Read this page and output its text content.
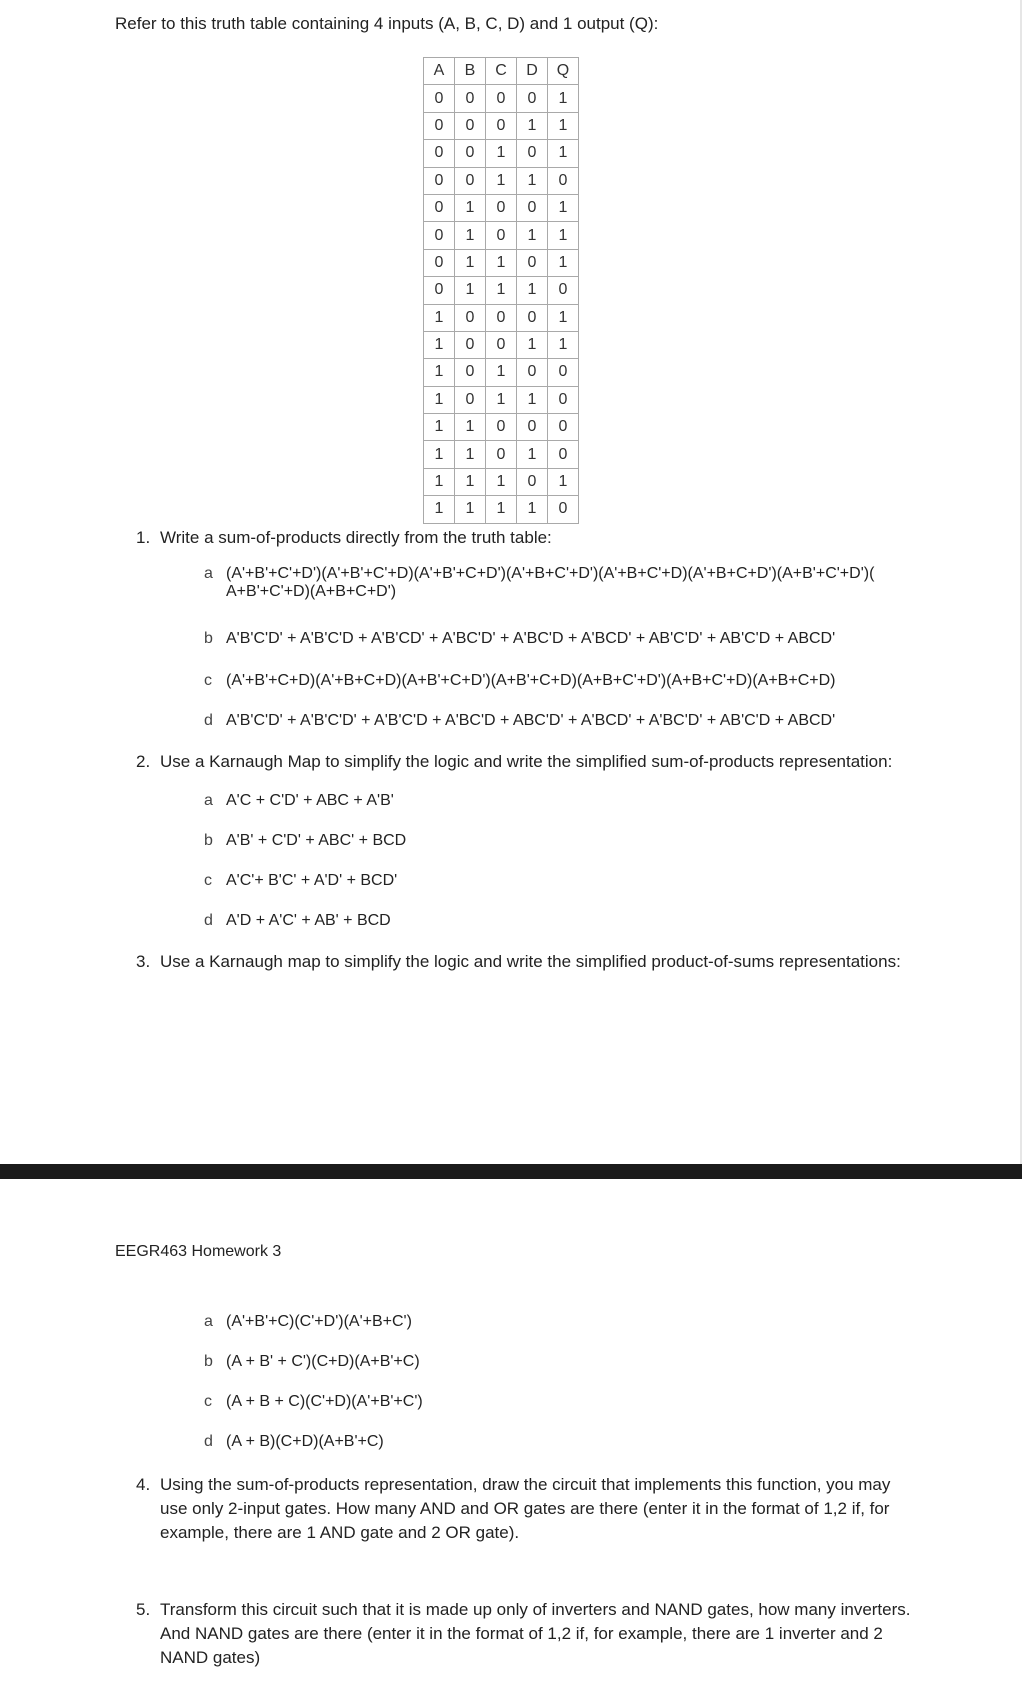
Refer to this truth table containing 4 inputs (A, B, C, D) and 1 output (Q):
A	B	C	D	Q
0	0	0	0	1
0	0	0	1	1
0	0	1	0	1
0	0	1	1	0
0	1	0	0	1
0	1	0	1	1
0	1	1	0	1
0	1	1	1	0
1	0	0	0	1
1	0	0	1	1
1	0	1	0	0
1	0	1	1	0
1	1	0	0	0
1	1	0	1	0
1	1	1	0	1
1	1	1	1	0
1. Write a sum-of-products directly from the truth table:
a (A'+B'+C'+D')(A'+B'+C'+D)(A'+B'+C+D')(A'+B+C'+D')(A'+B+C'+D)(A'+B+C+D')(A+B'+C'+D')(
A+B'+C'+D)(A+B+C+D')
b A'B'C'D' + A'B'C'D + A'B'CD' + A'BC'D' + A'BC'D + A'BCD' + AB'C'D' + AB'C'D + ABCD'
c (A'+B'+C+D)(A'+B+C+D)(A+B'+C+D')(A+B'+C+D)(A+B+C'+D')(A+B+C'+D)(A+B+C+D)
d A'B'C'D' + A'B'C'D' + A'B'C'D + A'BC'D + ABC'D' + A'BCD' + A'BC'D' + AB'C'D + ABCD'
2. Use a Karnaugh Map to simplify the logic and write the simplified sum-of-products representation:
a A'C + C'D' + ABC + A'B'
b A'B' + C'D' + ABC' + BCD
c A'C'+ B'C' + A'D' + BCD'
d A'D + A'C' + AB' + BCD
3. Use a Karnaugh map to simplify the logic and write the simplified product-of-sums representations:
EEGR463 Homework 3
a (A'+B'+C)(C'+D')(A'+B+C')
b (A + B' + C')(C+D)(A+B'+C)
c (A + B + C)(C'+D)(A'+B'+C')
d (A + B)(C+D)(A+B'+C)
4. Using the sum-of-products representation, draw the circuit that implements this function, you may use only 2-input gates. How many AND and OR gates are there (enter it in the format of 1,2 if, for example, there are 1 AND gate and 2 OR gate).
5. Transform this circuit such that it is made up only of inverters and NAND gates, how many inverters. And NAND gates are there (enter it in the format of 1,2 if, for example, there are 1 inverter and 2 NAND gates)
